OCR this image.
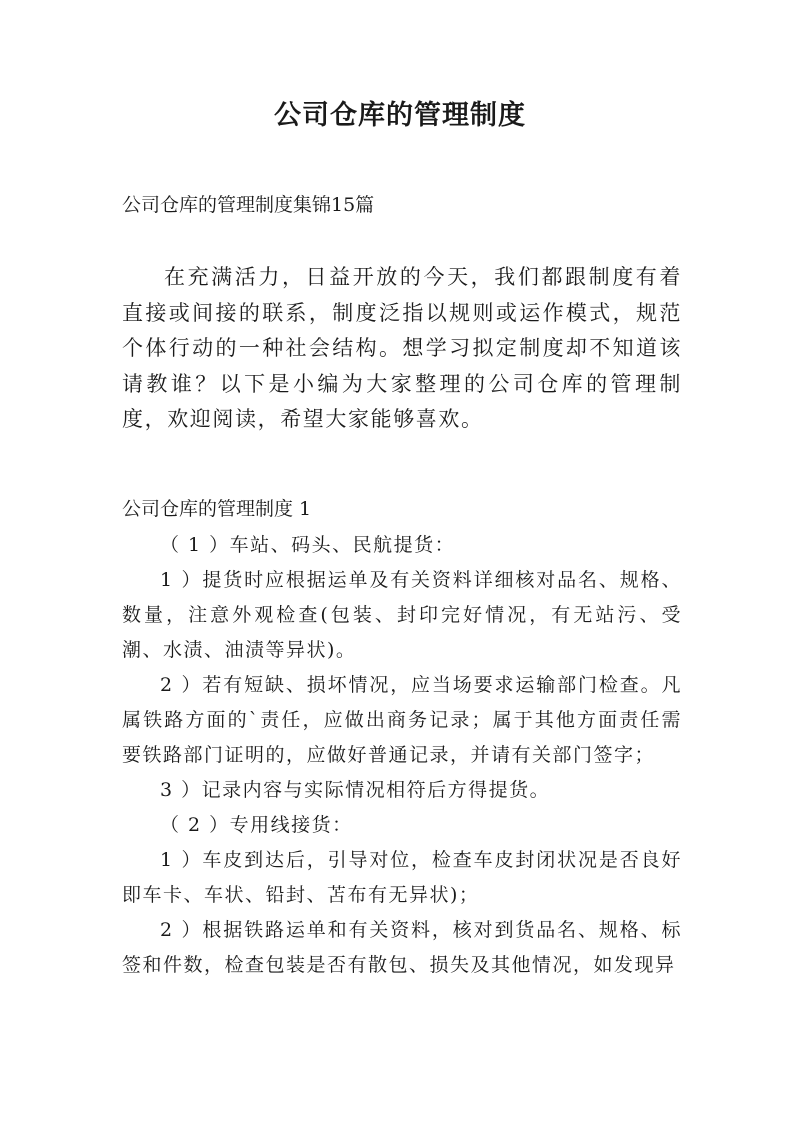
公司仓库的管理制度

公司仓库的管理制度集锦15篇

在充满活力，日益开放的今天，我们都跟制度有着直接或间接的联系，制度泛指以规则或运作模式，规范个体行动的一种社会结构。想学习拟定制度却不知道该请教谁？以下是小编为大家整理的公司仓库的管理制度，欢迎阅读，希望大家能够喜欢。

公司仓库的管理制度 1

（ 1 ）车站、码头、民航提货：

1 ）提货时应根据运单及有关资料详细核对品名、规格、数量，注意外观检查(包装、封印完好情况，有无站污、受潮、水渍、油渍等异状)。

2 ）若有短缺、损坏情况，应当场要求运输部门检查。凡属铁路方面的`责任，应做出商务记录；属于其他方面责任需要铁路部门证明的，应做好普通记录，并请有关部门签字；

3 ）记录内容与实际情况相符后方得提货。

（ 2 ）专用线接货：

1 ）车皮到达后，引导对位，检查车皮封闭状况是否良好即车卡、车状、铅封、苫布有无异状)；

2 ）根据铁路运单和有关资料，核对到货品名、规格、标签和件数，检查包装是否有散包、损失及其他情况，如发现异
